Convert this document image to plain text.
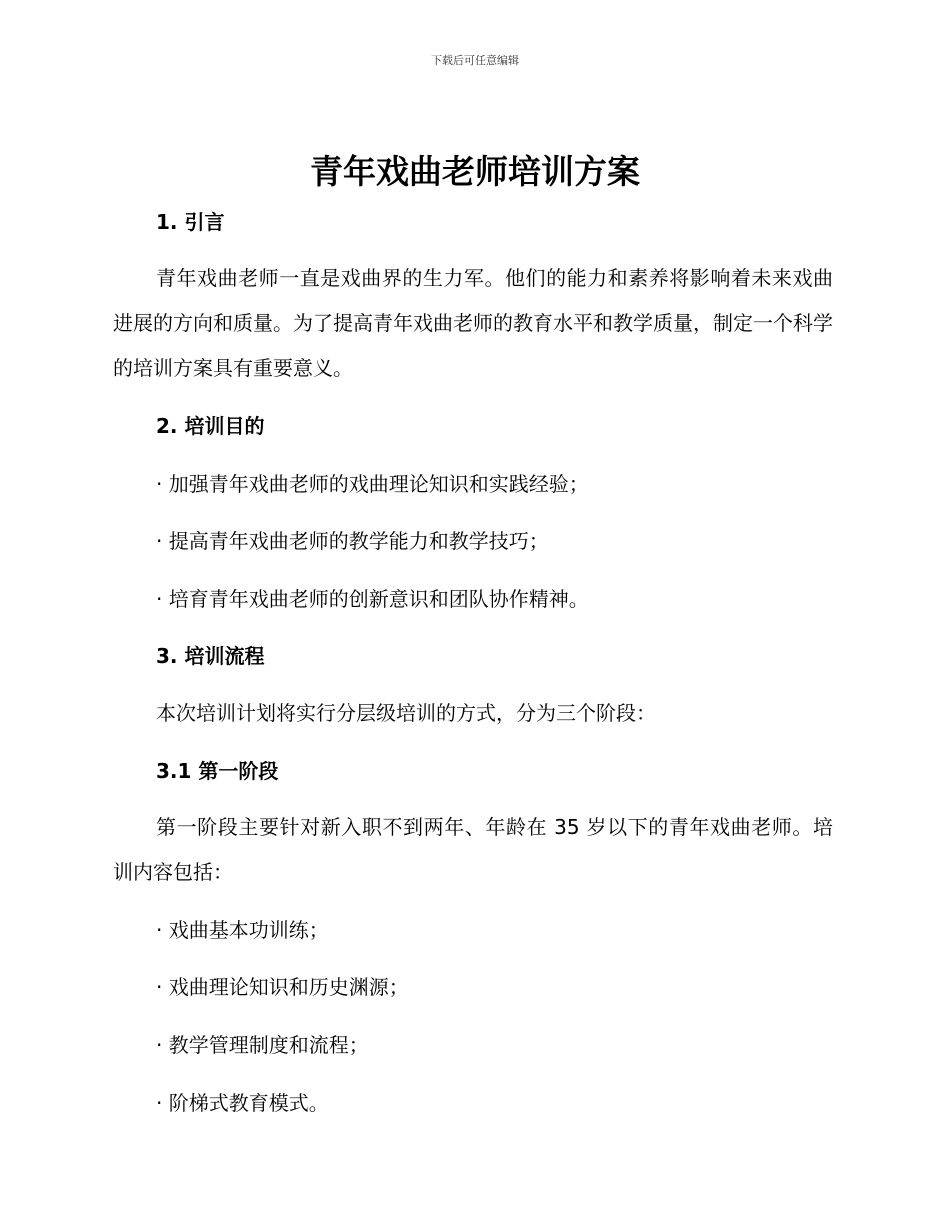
下载后可任意编辑
青年戏曲老师培训方案
1. 引言

青年戏曲老师一直是戏曲界的生力军。他们的能力和素养将影响着未来戏曲进展的方向和质量。为了提高青年戏曲老师的教育水平和教学质量，制定一个科学的培训方案具有重要意义。

2. 培训目的
· 加强青年戏曲老师的戏曲理论知识和实践经验；
· 提高青年戏曲老师的教学能力和教学技巧；
· 培育青年戏曲老师的创新意识和团队协作精神。
3. 培训流程
本次培训计划将实行分层级培训的方式，分为三个阶段：
3.1 第一阶段

第一阶段主要针对新入职不到两年、年龄在 35 岁以下的青年戏曲老师。培训内容包括：

· 戏曲基本功训练；
· 戏曲理论知识和历史渊源；
· 教学管理制度和流程；
· 阶梯式教育模式。
